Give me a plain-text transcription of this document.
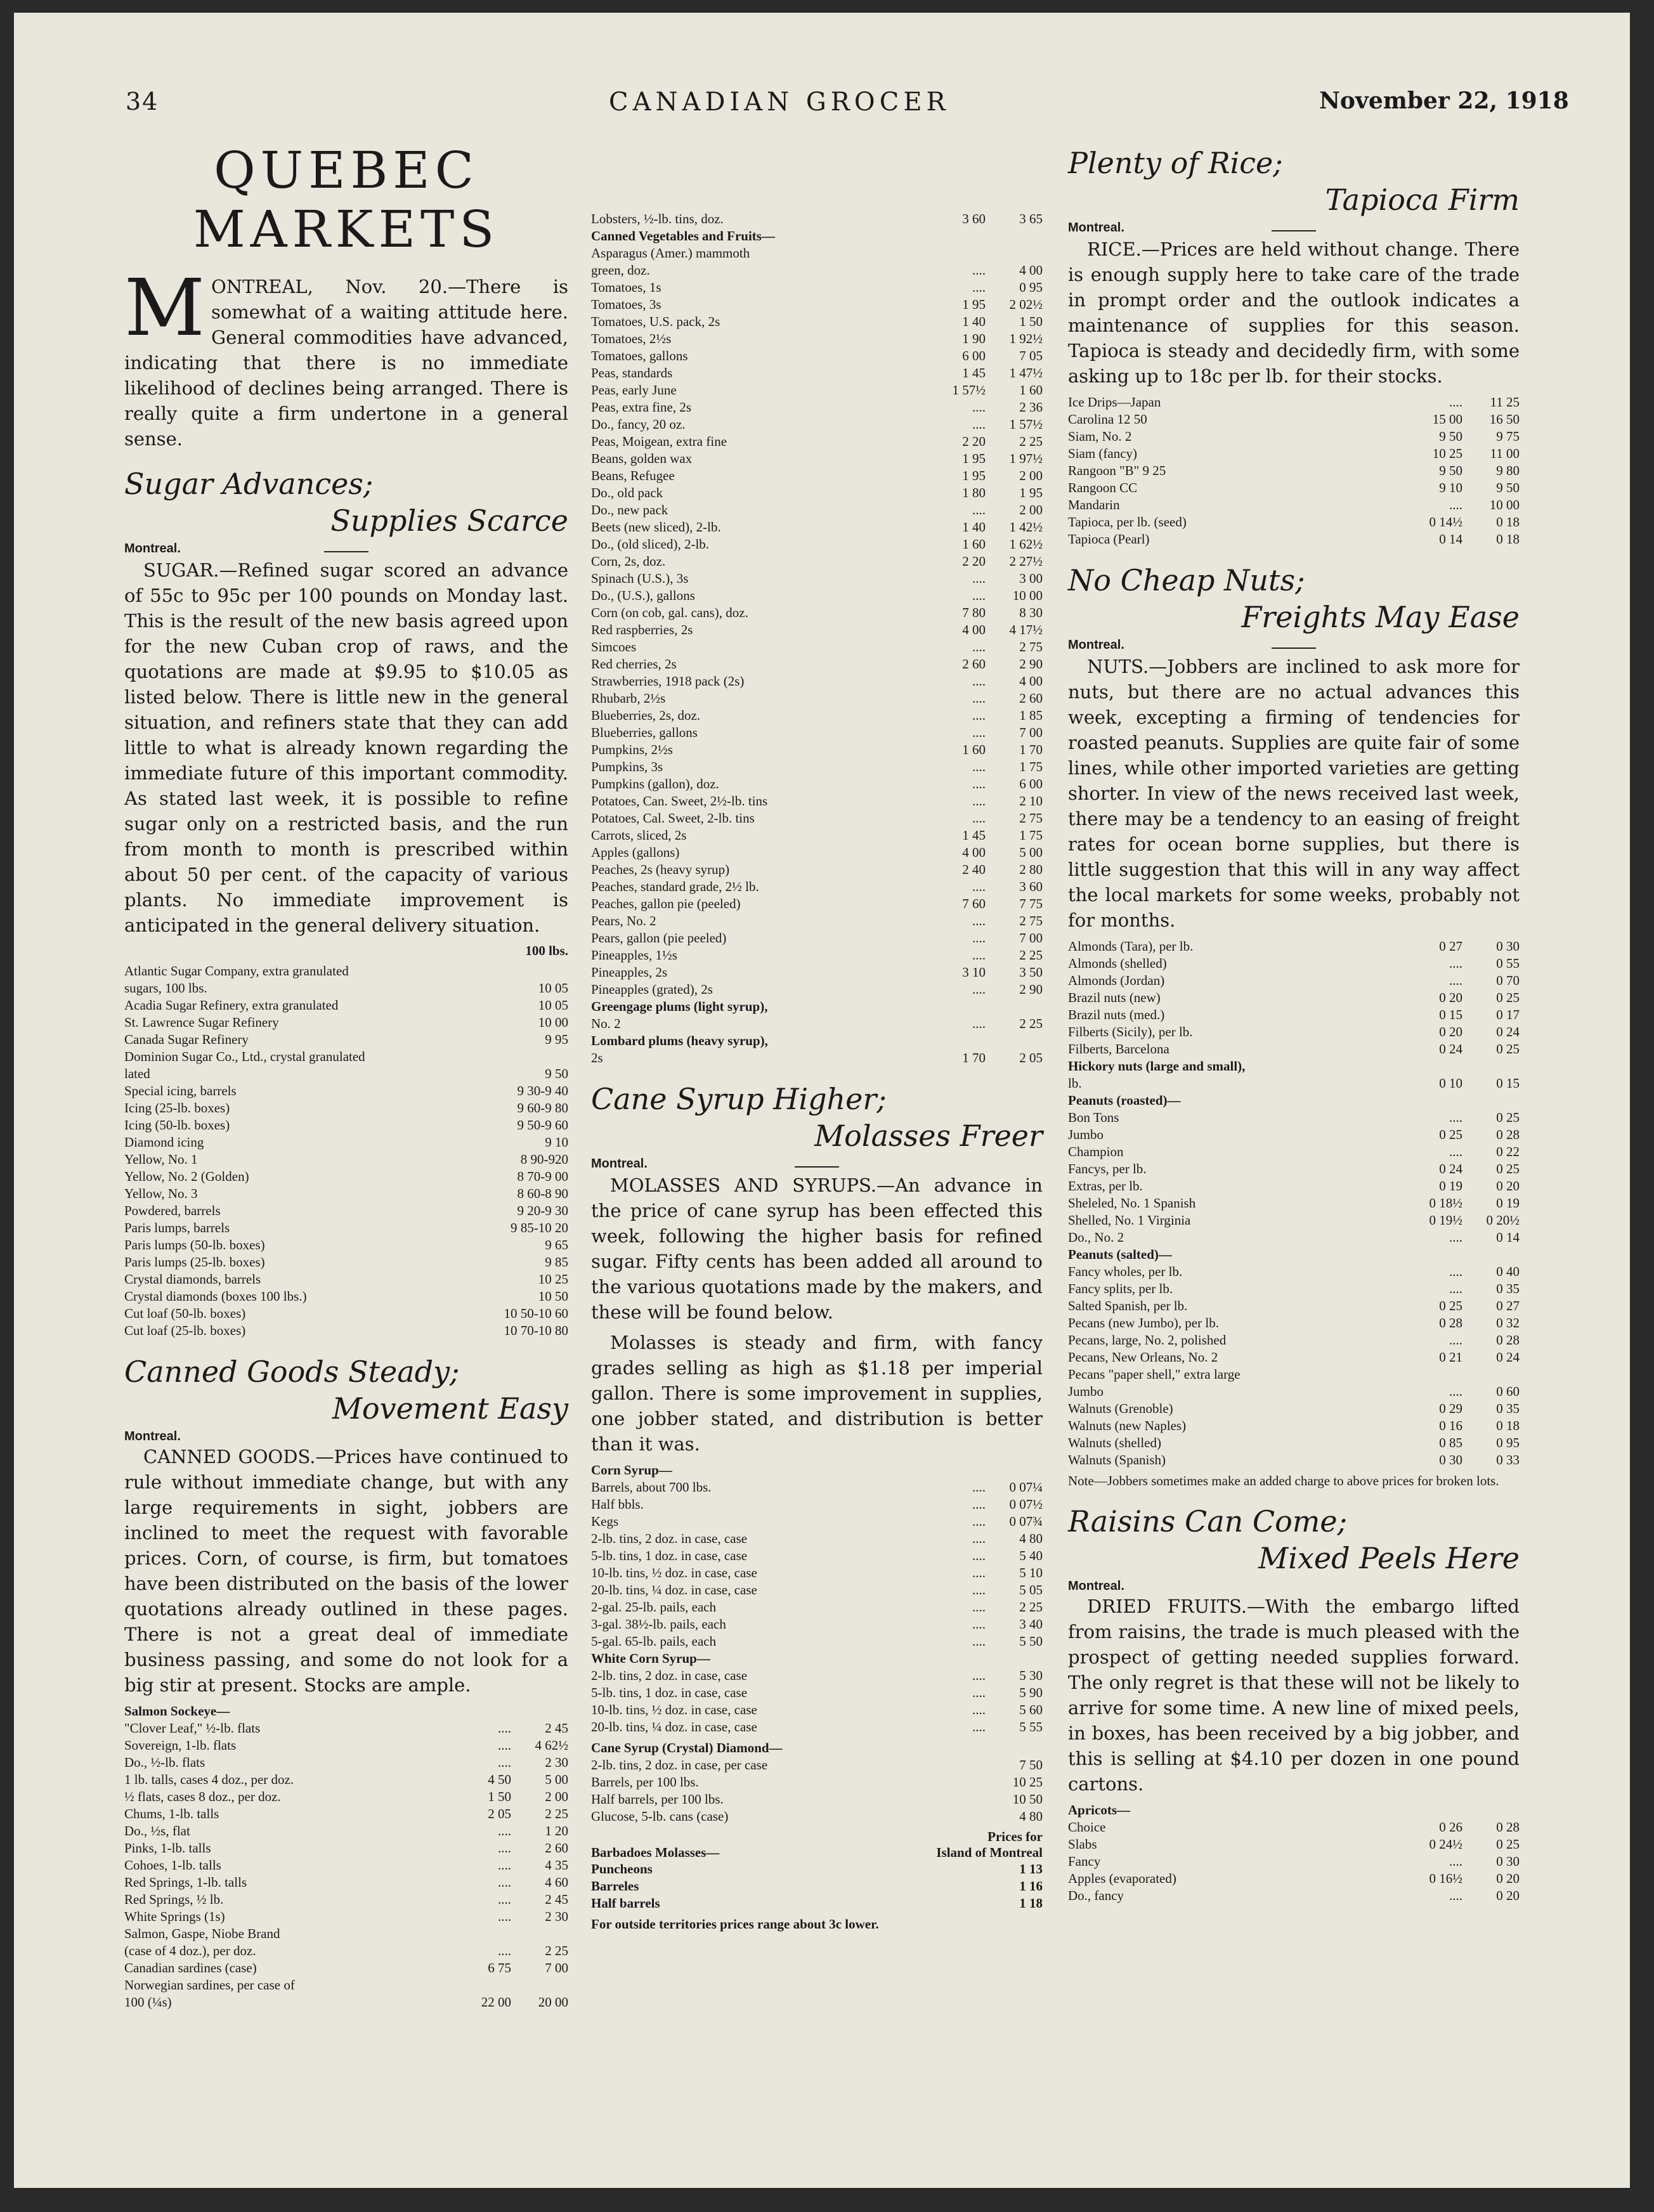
34	CANADIAN GROCER	November 22, 1918
QUEBEC MARKETS

MONTREAL, Nov. 20.—There is somewhat of a waiting attitude here. General commodities have advanced, indicating that there is no immediate likelihood of declines being arranged. There is really quite a firm undertone in a general sense.

Sugar Advances;
Supplies Scarce
Montreal.

SUGAR.—Refined sugar scored an advance of 55c to 95c per 100 pounds on Monday last. This is the result of the new basis agreed upon for the new Cuban crop of raws, and the quotations are made at $9.95 to $10.05 as listed below. There is little new in the general situation, and refiners state that they can add little to what is already known regarding the immediate future of this important commodity. As stated last week, it is possible to refine sugar only on a restricted basis, and the run from month to month is prescribed within about 50 per cent. of the capacity of various plants. No immediate improvement is anticipated in the general delivery situation.

100 lbs.
Atlantic Sugar Company, extra granulated	
sugars, 100 lbs.	10 05
Acadia Sugar Refinery, extra granulated	10 05
St. Lawrence Sugar Refinery	10 00
Canada Sugar Refinery	9 95
Dominion Sugar Co., Ltd., crystal granulated	
lated	9 50
Special icing, barrels	9 30-9 40
Icing (25-lb. boxes)	9 60-9 80
Icing (50-lb. boxes)	9 50-9 60
Diamond icing	9 10
Yellow, No. 1	8 90-920
Yellow, No. 2 (Golden)	8 70-9 00
Yellow, No. 3	8 60-8 90
Powdered, barrels	9 20-9 30
Paris lumps, barrels	9 85-10 20
Paris lumps (50-lb. boxes)	9 65
Paris lumps (25-lb. boxes)	9 85
Crystal diamonds, barrels	10 25
Crystal diamonds (boxes 100 lbs.)	10 50
Cut loaf (50-lb. boxes)	10 50-10 60
Cut loaf (25-lb. boxes)	10 70-10 80
Canned Goods Steady;
Movement Easy
Montreal.

CANNED GOODS.—Prices have continued to rule without immediate change, but with any large requirements in sight, jobbers are inclined to meet the request with favorable prices. Corn, of course, is firm, but tomatoes have been distributed on the basis of the lower quotations already outlined in these pages. There is not a great deal of immediate business passing, and some do not look for a big stir at present. Stocks are ample.

Salmon Sockeye—		
"Clover Leaf," ½-lb. flats	....	2 45
Sovereign, 1-lb. flats	....	4 62½
Do., ½-lb. flats	....	2 30
1 lb. talls, cases 4 doz., per doz.	4 50	5 00
½ flats, cases 8 doz., per doz.	1 50	2 00
Chums, 1-lb. talls	2 05	2 25
Do., ½s, flat	....	1 20
Pinks, 1-lb. talls	....	2 60
Cohoes, 1-lb. talls	....	4 35
Red Springs, 1-lb. talls	....	4 60
Red Springs, ½ lb.	....	2 45
White Springs (1s)	....	2 30
Salmon, Gaspe, Niobe Brand		
(case of 4 doz.), per doz.	....	2 25
Canadian sardines (case)	6 75	7 00
Norwegian sardines, per case of		
100 (¼s)	22 00	20 00
Lobsters, ½-lb. tins, doz.	3 60	3 65
Canned Vegetables and Fruits—		
Asparagus (Amer.) mammoth		
green, doz.	....	4 00
Tomatoes, 1s	....	0 95
Tomatoes, 3s	1 95	2 02½
Tomatoes, U.S. pack, 2s	1 40	1 50
Tomatoes, 2½s	1 90	1 92½
Tomatoes, gallons	6 00	7 05
Peas, standards	1 45	1 47½
Peas, early June	1 57½	1 60
Peas, extra fine, 2s	....	2 36
Do., fancy, 20 oz.	....	1 57½
Peas, Moigean, extra fine	2 20	2 25
Beans, golden wax	1 95	1 97½
Beans, Refugee	1 95	2 00
Do., old pack	1 80	1 95
Do., new pack	....	2 00
Beets (new sliced), 2-lb.	1 40	1 42½
Do., (old sliced), 2-lb.	1 60	1 62½
Corn, 2s, doz.	2 20	2 27½
Spinach (U.S.), 3s	....	3 00
Do., (U.S.), gallons	....	10 00
Corn (on cob, gal. cans), doz.	7 80	8 30
Red raspberries, 2s	4 00	4 17½
Simcoes	....	2 75
Red cherries, 2s	2 60	2 90
Strawberries, 1918 pack (2s)	....	4 00
Rhubarb, 2½s	....	2 60
Blueberries, 2s, doz.	....	1 85
Blueberries, gallons	....	7 00
Pumpkins, 2½s	1 60	1 70
Pumpkins, 3s	....	1 75
Pumpkins (gallon), doz.	....	6 00
Potatoes, Can. Sweet, 2½-lb. tins	....	2 10
Potatoes, Cal. Sweet, 2-lb. tins	....	2 75
Carrots, sliced, 2s	1 45	1 75
Apples (gallons)	4 00	5 00
Peaches, 2s (heavy syrup)	2 40	2 80
Peaches, standard grade, 2½ lb.	....	3 60
Peaches, gallon pie (peeled)	7 60	7 75
Pears, No. 2	....	2 75
Pears, gallon (pie peeled)	....	7 00
Pineapples, 1½s	....	2 25
Pineapples, 2s	3 10	3 50
Pineapples (grated), 2s	....	2 90
Greengage plums (light syrup),		
No. 2	....	2 25
Lombard plums (heavy syrup),		
2s	1 70	2 05
Cane Syrup Higher;
Molasses Freer
Montreal.

MOLASSES AND SYRUPS.—An advance in the price of cane syrup has been effected this week, following the higher basis for refined sugar. Fifty cents has been added all around to the various quotations made by the makers, and these will be found below.

Molasses is steady and firm, with fancy grades selling as high as $1.18 per imperial gallon. There is some improvement in supplies, one jobber stated, and distribution is better than it was.

Corn Syrup—		
Barrels, about 700 lbs.	....	0 07¼
Half bbls.	....	0 07½
Kegs	....	0 07¾
2-lb. tins, 2 doz. in case, case	....	4 80
5-lb. tins, 1 doz. in case, case	....	5 40
10-lb. tins, ½ doz. in case, case	....	5 10
20-lb. tins, ¼ doz. in case, case	....	5 05
2-gal. 25-lb. pails, each	....	2 25
3-gal. 38½-lb. pails, each	....	3 40
5-gal. 65-lb. pails, each	....	5 50
White Corn Syrup—		
2-lb. tins, 2 doz. in case, case	....	5 30
5-lb. tins, 1 doz. in case, case	....	5 90
10-lb. tins, ½ doz. in case, case	....	5 60
20-lb. tins, ¼ doz. in case, case	....	5 55
Cane Syrup (Crystal) Diamond—	
2-lb. tins, 2 doz. in case, per case	7 50
Barrels, per 100 lbs.	10 25
Half barrels, per 100 lbs.	10 50
Glucose, 5-lb. cans (case)	4 80
Prices for
Barbadoes Molasses—	Island of Montreal
Puncheons	1 13
Barreles	1 16
Half barrels	1 18
For outside territories prices range about 3c lower.
Plenty of Rice;
Tapioca Firm
Montreal.

RICE.—Prices are held without change. There is enough supply here to take care of the trade in prompt order and the outlook indicates a maintenance of supplies for this season. Tapioca is steady and decidedly firm, with some asking up to 18c per lb. for their stocks.

Ice Drips—Japan	....	11 25
Carolina 12 50	15 00	16 50
Siam, No. 2	9 50	9 75
Siam (fancy)	10 25	11 00
Rangoon "B" 9 25	9 50	9 80
Rangoon CC	9 10	9 50
Mandarin	....	10 00
Tapioca, per lb. (seed)	0 14½	0 18
Tapioca (Pearl)	0 14	0 18
No Cheap Nuts;
Freights May Ease
Montreal.

NUTS.—Jobbers are inclined to ask more for nuts, but there are no actual advances this week, excepting a firming of tendencies for roasted peanuts. Supplies are quite fair of some lines, while other imported varieties are getting shorter. In view of the news received last week, there may be a tendency to an easing of freight rates for ocean borne supplies, but there is little suggestion that this will in any way affect the local markets for some weeks, probably not for months.

Almonds (Tara), per lb.	0 27	0 30
Almonds (shelled)	....	0 55
Almonds (Jordan)	....	0 70
Brazil nuts (new)	0 20	0 25
Brazil nuts (med.)	0 15	0 17
Filberts (Sicily), per lb.	0 20	0 24
Filberts, Barcelona	0 24	0 25
Hickory nuts (large and small),		
lb.	0 10	0 15
Peanuts (roasted)—		
Bon Tons	....	0 25
Jumbo	0 25	0 28
Champion	....	0 22
Fancys, per lb.	0 24	0 25
Extras, per lb.	0 19	0 20
Sheleled, No. 1 Spanish	0 18½	0 19
Shelled, No. 1 Virginia	0 19½	0 20½
Do., No. 2	....	0 14
Peanuts (salted)—		
Fancy wholes, per lb.	....	0 40
Fancy splits, per lb.	....	0 35
Salted Spanish, per lb.	0 25	0 27
Pecans (new Jumbo), per lb.	0 28	0 32
Pecans, large, No. 2, polished	....	0 28
Pecans, New Orleans, No. 2	0 21	0 24
Pecans "paper shell," extra large		
Jumbo	....	0 60
Walnuts (Grenoble)	0 29	0 35
Walnuts (new Naples)	0 16	0 18
Walnuts (shelled)	0 85	0 95
Walnuts (Spanish)	0 30	0 33
Note—Jobbers sometimes make an added charge to above prices for broken lots.
Raisins Can Come;
Mixed Peels Here
Montreal.

DRIED FRUITS.—With the embargo lifted from raisins, the trade is much pleased with the prospect of getting needed supplies forward. The only regret is that these will not be likely to arrive for some time. A new line of mixed peels, in boxes, has been received by a big jobber, and this is selling at $4.10 per dozen in one pound cartons.

Apricots—		
Choice	0 26	0 28
Slabs	0 24½	0 25
Fancy	....	0 30
Apples (evaporated)	0 16½	0 20
Do., fancy	....	0 20
